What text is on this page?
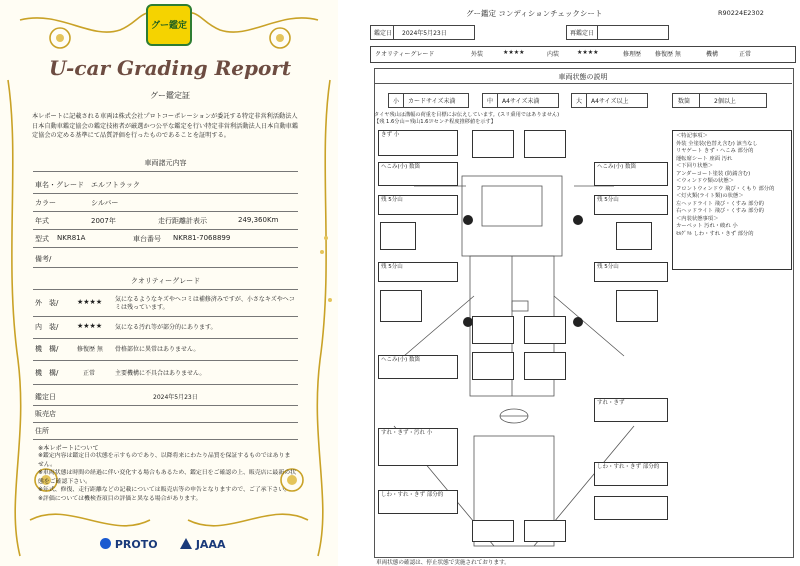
グー鑑定
U-car Grading Report
グー鑑定証
本レポートに記載される車両は株式会社プロトコーポレーションが委託する特定非営利活動法人日本自動車鑑定協会の鑑定技術者が厳選かつ公平な鑑定を行い特定非営利活動法人日本自動車鑑定協会の定める基準にて品質評価を行ったものであることを証明する。
車両諸元内容
車名・グレード エルフトラック
カラー	シルバー
年式	2007年	走行距離計表示	249,360Km
型式 NKR81A	車台番号 NKR81-7068899
備考/
クオリティーグレード
外　装/	★★★★ 気になるようなキズやヘコミは補修済みですが、小さなキズやヘコミは残っています。
内　装/	★★★★ 気になる汚れ等が部分的にあります。
機　構/	修復歴 無 骨格部位に異常はありません。
機　構/	正常	主要機構に不具合はありません。
鑑定日	2024年5月23日
販売店
住所
※本レポートについて
※鑑定内容は鑑定日の状態を示すものであり、以降将来にわたり品質を保証するものではありません。
※車両状態は時間の経過に伴い変化する場合もあるため、鑑定日をご確認の上、販売店に最新の状態をご確認下さい。
※年式、修復、走行距離などの記載については販売店等の申告となりますので、ご了承下さい。
※評価については機検査項目の評価と異なる場合があります。
PROTO	JAAA
グー鑑定 コンディションチェックシート	R90224E2302
鑑定日 2024年5月23日	再鑑定日
クオリティーグレード	外装	★★★★	内装	★★★★	修理歴 修復歴 無	機構	正常
車両状態の説明
小 カードサイズ未満	中 A4サイズ未満	大 A4サイズ以上	数箇	2個以上
タイヤ残山は溝幅の荷重を目標にお伝えしています。(スリ乗用ではありません)
【残 1.6分山＝残山1.6ﾐﾘセンチ程度推移値を示す】
きず 小
へこみ(小) 数箇
残 5分山
残 5分山
へこみ(小) 数箇
すれ・きず・汚れ 小
しわ・すれ・きず 部分的
へこみ(小) 数箇
残 5分山
残 5分山
すれ・きず
しわ・すれ・きず 部分的
＜特記事項＞
外装 全塗装(色替え含む) 該当なし
リヤゲート きず・へこみ 部分的
運転席シート 座面 汚れ
＜下回り状態＞
アンダーコート塗装 (防錆含む)
＜ウィンドウ類の状態＞
フロントウィンドウ 飛び・くもり 部分的
＜灯火類(ライト類)の状態＞
左ヘッドライト 飛び・くすみ 部分的
右ヘッドライト 飛び・くすみ 部分的
＜内装状態事項＞
カーペット 汚れ・破れ 小
ｾﾙｸﾞﾘﾙ しわ・すれ・きず 部分的
車両状態の確認は、停止状態で実施されております。
